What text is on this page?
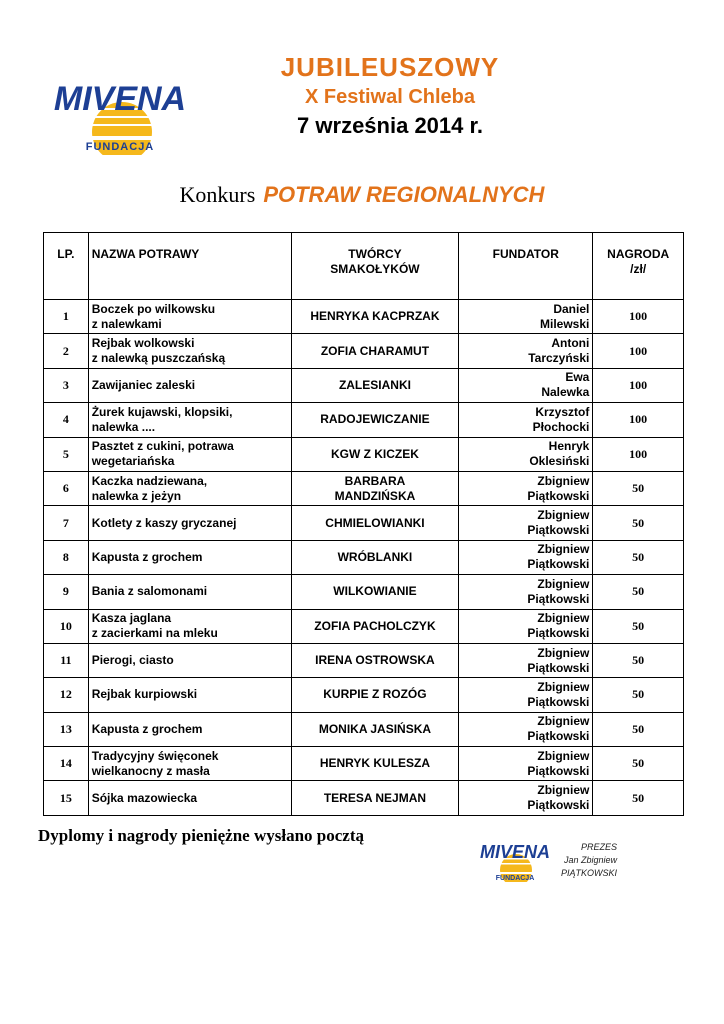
MIVENA
FUNDACJA
JUBILEUSZOWY
X Festiwal Chleba
7 września 2014 r.
Konkurs POTRAW REGIONALNYCH
LP.	NAZWA POTRAWY	TWÓRCY
SMAKOŁYKÓW	FUNDATOR	NAGRODA
/zł/
1	Boczek po wilkowsku
z nalewkami	HENRYKA KACPRZAK	Daniel
Milewski	100
2	Rejbak wolkowski
z nalewką puszczańską	ZOFIA CHARAMUT	Antoni
Tarczyński	100
3	Zawijaniec zaleski	ZALESIANKI	Ewa
Nalewka	100
4	Żurek kujawski, klopsiki,
nalewka ....	RADOJEWICZANIE	Krzysztof
Płochocki	100
5	Pasztet z cukini, potrawa
wegetariańska	KGW Z KICZEK	Henryk
Oklesiński	100
6	Kaczka nadziewana,
nalewka z jeżyn	BARBARA
MANDZIŃSKA	Zbigniew
Piątkowski	50
7	Kotlety z kaszy gryczanej	CHMIELOWIANKI	Zbigniew
Piątkowski	50
8	Kapusta z grochem	WRÓBLANKI	Zbigniew
Piątkowski	50
9	Bania z salomonami	WILKOWIANIE	Zbigniew
Piątkowski	50
10	Kasza jaglana
z zacierkami na mleku	ZOFIA PACHOLCZYK	Zbigniew
Piątkowski	50
11	Pierogi, ciasto	IRENA OSTROWSKA	Zbigniew
Piątkowski	50
12	Rejbak kurpiowski	KURPIE Z ROZÓG	Zbigniew
Piątkowski	50
13	Kapusta z grochem	MONIKA JASIŃSKA	Zbigniew
Piątkowski	50
14	Tradycyjny święconek
wielkanocny z masła	HENRYK KULESZA	Zbigniew
Piątkowski	50
15	Sójka mazowiecka	TERESA NEJMAN	Zbigniew
Piątkowski	50
Dyplomy i nagrody pieniężne wysłano pocztą
MIVENA
FUNDACJA
PREZES
Jan Zbigniew
PIĄTKOWSKI
